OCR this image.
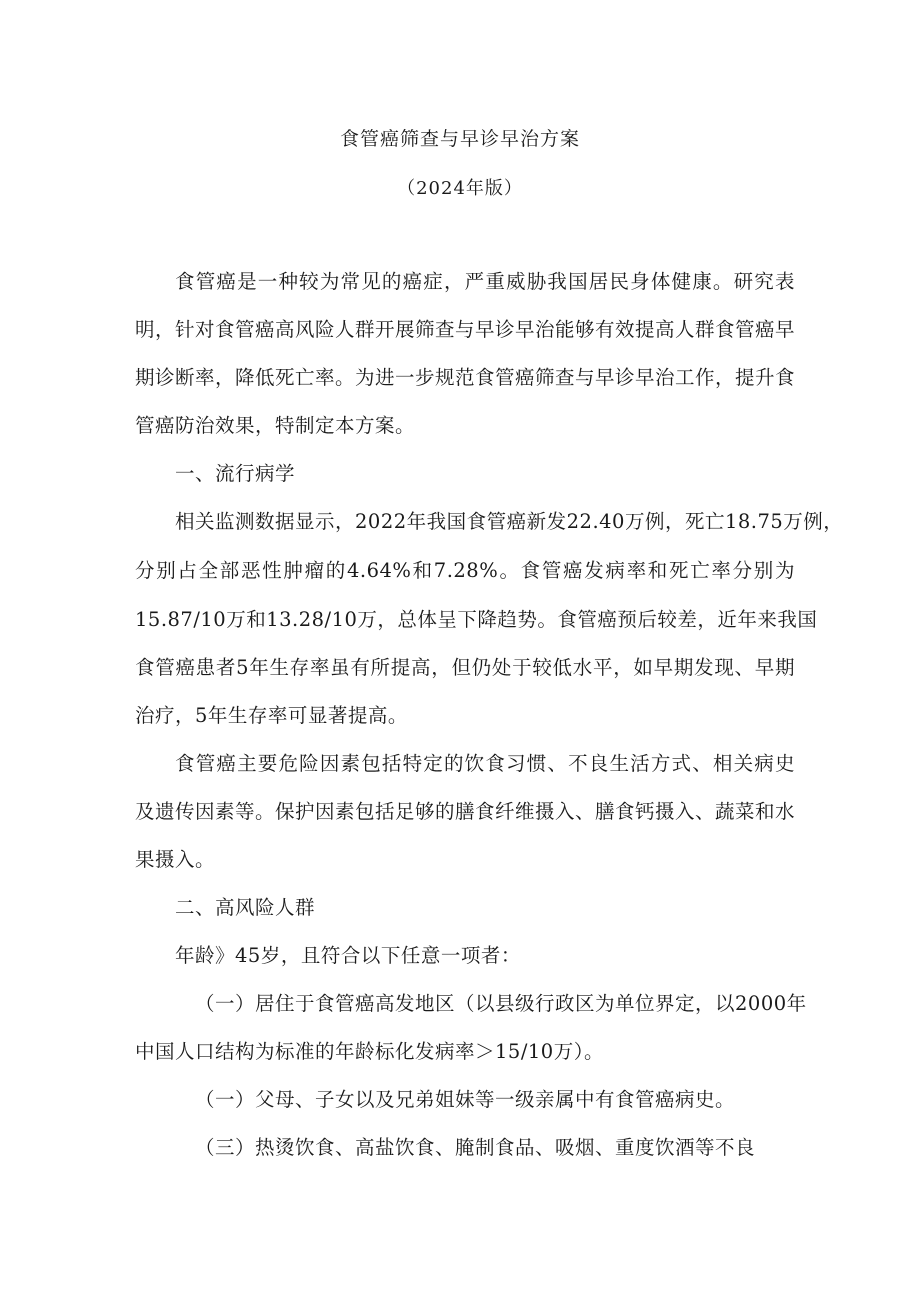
食管癌筛查与早诊早治方案
（2024年版）
食管癌是一种较为常见的癌症，严重威胁我国居民身体健康。研究表
明，针对食管癌高风险人群开展筛查与早诊早治能够有效提高人群食管癌早
期诊断率，降低死亡率。为进一步规范食管癌筛查与早诊早治工作，提升食
管癌防治效果，特制定本方案。
一、流行病学
相关监测数据显示，2022年我国食管癌新发22.40万例，死亡18.75万例，
分别占全部恶性肿瘤的4.64%和7.28%。食管癌发病率和死亡率分别为
15.87/10万和13.28/10万，总体呈下降趋势。食管癌预后较差，近年来我国
食管癌患者5年生存率虽有所提高，但仍处于较低水平，如早期发现、早期
治疗，5年生存率可显著提高。
食管癌主要危险因素包括特定的饮食习惯、不良生活方式、相关病史
及遗传因素等。保护因素包括足够的膳食纤维摄入、膳食钙摄入、蔬菜和水
果摄入。
二、高风险人群
年龄》45岁，且符合以下任意一项者：
（一）居住于食管癌高发地区（以县级行政区为单位界定，以2000年
中国人口结构为标准的年龄标化发病率＞15/10万）。
（一）父母、子女以及兄弟姐妹等一级亲属中有食管癌病史。
（三）热烫饮食、高盐饮食、腌制食品、吸烟、重度饮酒等不良
